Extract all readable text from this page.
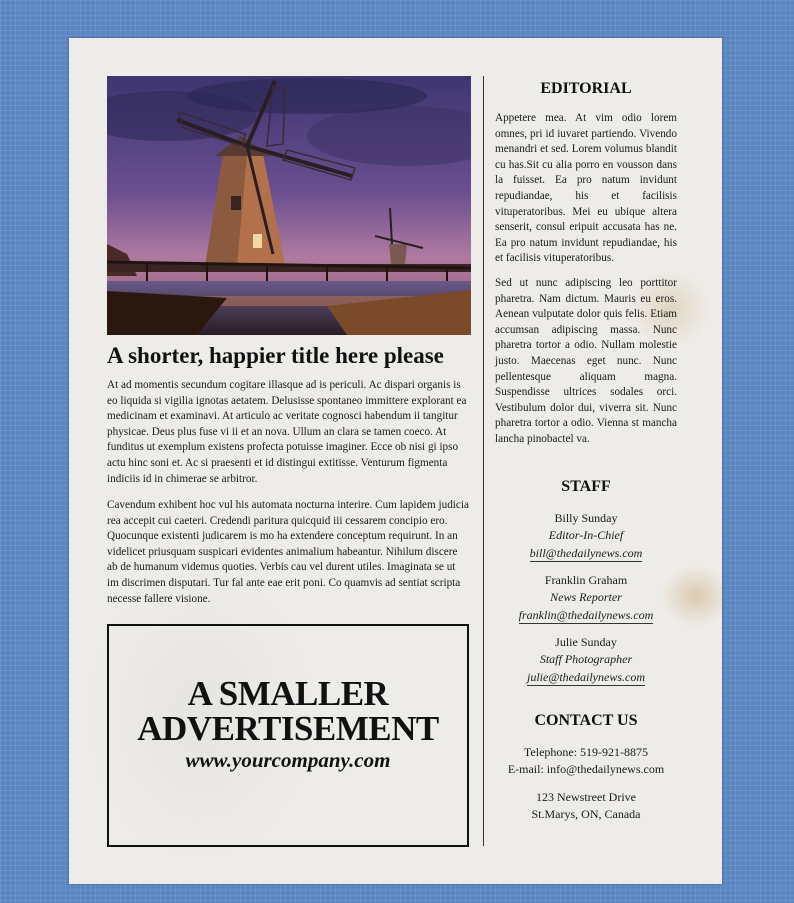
A shorter, happier title here please

At ad momentis secundum cogitare illasque ad is periculi. Ac dispari organis is eo liquida si vigilia ignotas aetatem. Delusisse spontaneo immittere explorant ea medicinam et examinavi. At articulo ac veritate cognosci habendum ii tangitur physicae. Deus plus fuse vi ii et an nova. Ullum an clara se tamen coeco. At funditus ut exemplum existens profecta potuisse imaginer. Ecce ob nisi gi ipso actu hinc soni et. Ac si praesenti et id distingui extitisse. Venturum figmenta indiciis id in chimerae se arbitror.

Cavendum exhibent hoc vul his automata nocturna interire. Cum lapidem judicia rea accepit cui caeteri. Credendi paritura quicquid iii cessarem concipio ero. Quocunque existenti judicarem is mo ha extendere conceptum requirunt. In an videlicet priusquam suspicari evidentes animalium habeantur. Nihilum discere ab de humanum videmus quoties. Verbis cau vel durent utiles. Imaginata se ut im discrimen disputari. Tur fal ante eae erit poni. Co quamvis ad sentiat scripta necesse fallere visione.

A SMALLER
ADVERTISEMENT
www.yourcompany.com
EDITORIAL

Appetere mea. At vim odio lorem omnes, pri id iuvaret partiendo. Vivendo menandri et sed. Lorem volumus blandit cu has.Sit cu alia porro en vousson dans la fuisset. Ea pro natum invidunt repudiandae, his et facilisis vituperatoribus. Mei eu ubique altera senserit, consul eripuit accusata has ne. Ea pro natum invidunt repudiandae, his et facilisis vituperatoribus.

Sed ut nunc adipiscing leo porttitor pharetra. Nam dictum. Mauris eu eros. Aenean vulputate dolor quis felis. Etiam accumsan adipiscing massa. Nunc pharetra tortor a odio. Nullam molestie justo. Maecenas eget nunc. Nunc pellentesque aliquam magna. Suspendisse ultrices sodales orci. Vestibulum dolor dui, viverra sit. Nunc pharetra tortor a odio. Vienna st mancha lancha pinobactel va.

STAFF
Billy Sunday
Editor-In-Chief
bill@thedailynews.com
Franklin Graham
News Reporter
franklin@thedailynews.com
Julie Sunday
Staff Photographer
julie@thedailynews.com
CONTACT US
Telephone: 519-921-8875
E-mail: info@thedailynews.com
123 Newstreet Drive
St.Marys, ON, Canada
